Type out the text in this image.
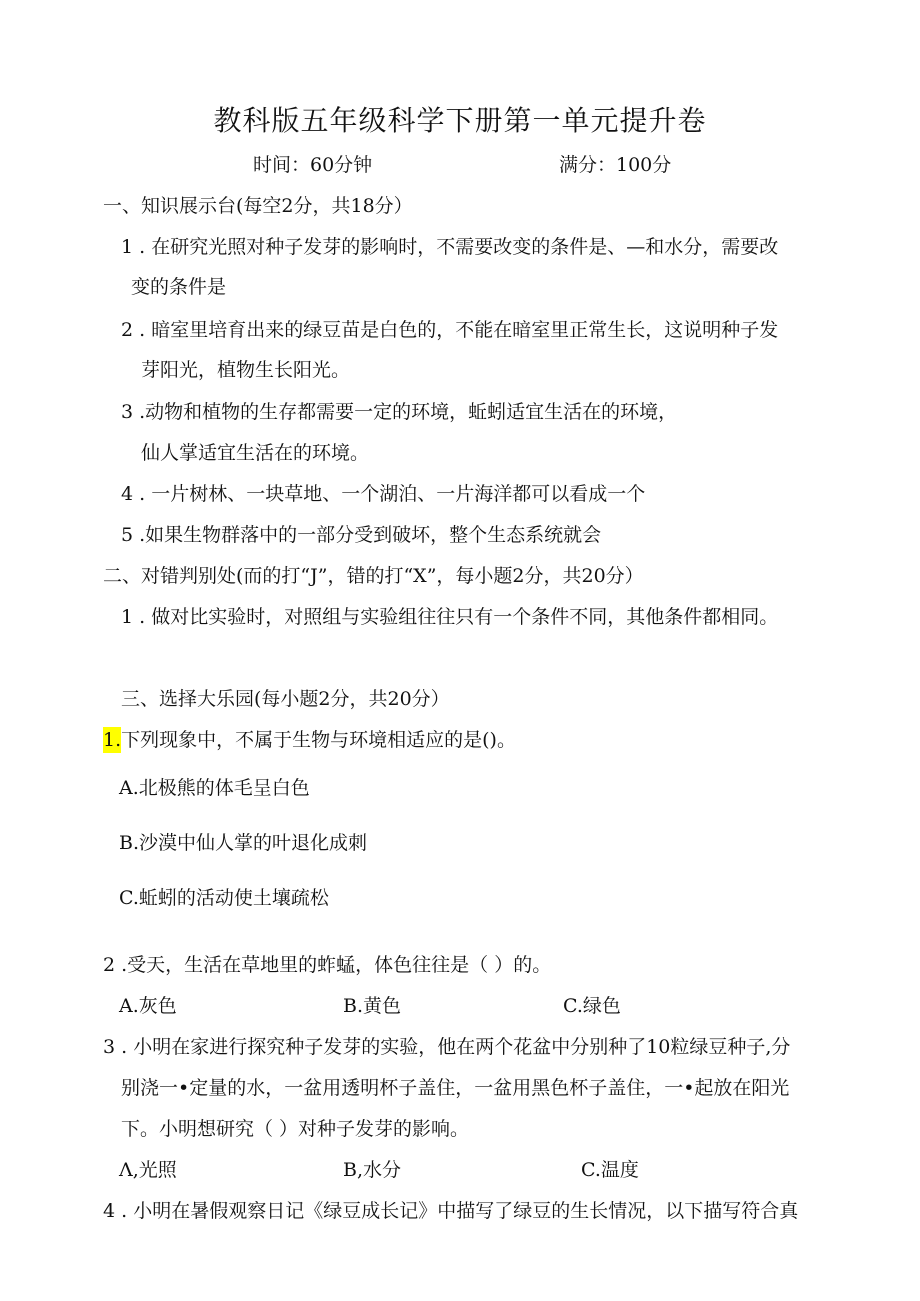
教科版五年级科学下册第一单元提升卷
时间：60分钟	满分：100分
一、知识展示台(每空2分，共18分）
1 . 在研究光照对种子发芽的影响时，不需要改变的条件是、—和水分，需要改
变的条件是
2 . 暗室里培育出来的绿豆苗是白色的，不能在暗室里正常生长，这说明种子发
芽阳光，植物生长阳光。
3 .动物和植物的生存都需要一定的环境，蚯蚓适宜生活在的环境，
仙人掌适宜生活在的环境。
4 . 一片树林、一块草地、一个湖泊、一片海洋都可以看成一个
5 .如果生物群落中的一部分受到破坏，整个生态系统就会
二、对错判别处(而的打“J”，错的打“X”，每小题2分，共20分）
1 . 做对比实验时，对照组与实验组往往只有一个条件不同，其他条件都相同。
三、选择大乐园(每小题2分，共20分）
1.下列现象中，不属于生物与环境相适应的是()。
A.北极熊的体毛呈白色
B.沙漠中仙人掌的叶退化成刺
C.蚯蚓的活动使土壤疏松
2 .受天，生活在草地里的蚱蜢，体色往往是（ ）的。
A.灰色	B.黄色	C.绿色
3 . 小明在家进行探究种子发芽的实验，他在两个花盆中分别种了10粒绿豆种子,分
别浇一•定量的水，一盆用透明杯子盖住，一盆用黑色杯子盖住，一•起放在阳光
下。小明想研究（ ）对种子发芽的影响。
Λ,光照	B,水分	C.温度
4 . 小明在暑假观察日记《绿豆成长记》中描写了绿豆的生长情况，以下描写符合真
